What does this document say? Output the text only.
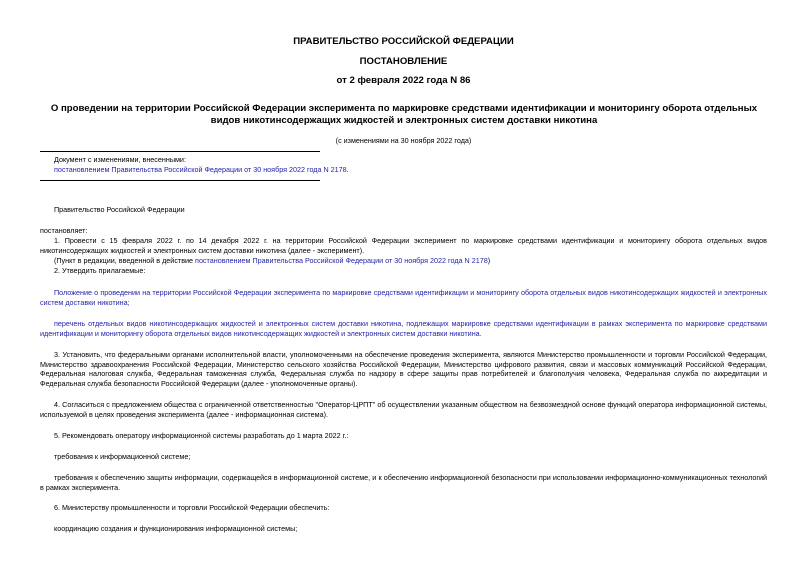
ПРАВИТЕЛЬСТВО РОССИЙСКОЙ ФЕДЕРАЦИИ
ПОСТАНОВЛЕНИЕ
от 2 февраля 2022 года N 86
О проведении на территории Российской Федерации эксперимента по маркировке средствами идентификации и мониторингу оборота отдельных видов никотинсодержащих жидкостей и электронных систем доставки никотина
(с изменениями на 30 ноября 2022 года)
Документ с изменениями, внесенными:
постановлением Правительства Российской Федерации от 30 ноября 2022 года N 2178.
Правительство Российской Федерации
постановляет:
1. Провести с 15 февраля 2022 г. по 14 декабря 2022 г. на территории Российской Федерации эксперимент по маркировке средствами идентификации и мониторингу оборота отдельных видов никотинсодержащих жидкостей и электронных систем доставки никотина (далее - эксперимент).
(Пункт в редакции, введенной в действие постановлением Правительства Российской Федерации от 30 ноября 2022 года N 2178)
2. Утвердить прилагаемые:
Положение о проведении на территории Российской Федерации эксперимента по маркировке средствами идентификации и мониторингу оборота отдельных видов никотинсодержащих жидкостей и электронных систем доставки никотина;
перечень отдельных видов никотинсодержащих жидкостей и электронных систем доставки никотина, подлежащих маркировке средствами идентификации в рамках эксперимента по маркировке средствами идентификации и мониторингу оборота отдельных видов никотинсодержащих жидкостей и электронных систем доставки никотина.
3. Установить, что федеральными органами исполнительной власти, уполномоченными на обеспечение проведения эксперимента, являются Министерство промышленности и торговли Российской Федерации, Министерство здравоохранения Российской Федерации, Министерство сельского хозяйства Российской Федерации, Министерство цифрового развития, связи и массовых коммуникаций Российской Федерации, Федеральная налоговая служба, Федеральная таможенная служба, Федеральная служба по надзору в сфере защиты прав потребителей и благополучия человека, Федеральная служба по аккредитации и Федеральная служба безопасности Российской Федерации (далее - уполномоченные органы).
4. Согласиться с предложением общества с ограниченной ответственностью "Оператор-ЦРПТ" об осуществлении указанным обществом на безвозмездной основе функций оператора информационной системы, используемой в целях проведения эксперимента (далее - информационная система).
5. Рекомендовать оператору информационной системы разработать до 1 марта 2022 г.:
требования к информационной системе;
требования к обеспечению защиты информации, содержащейся в информационной системе, и к обеспечению информационной безопасности при использовании информационно-коммуникационных технологий в рамках эксперимента.
6. Министерству промышленности и торговли Российской Федерации обеспечить:
координацию создания и функционирования информационной системы;
